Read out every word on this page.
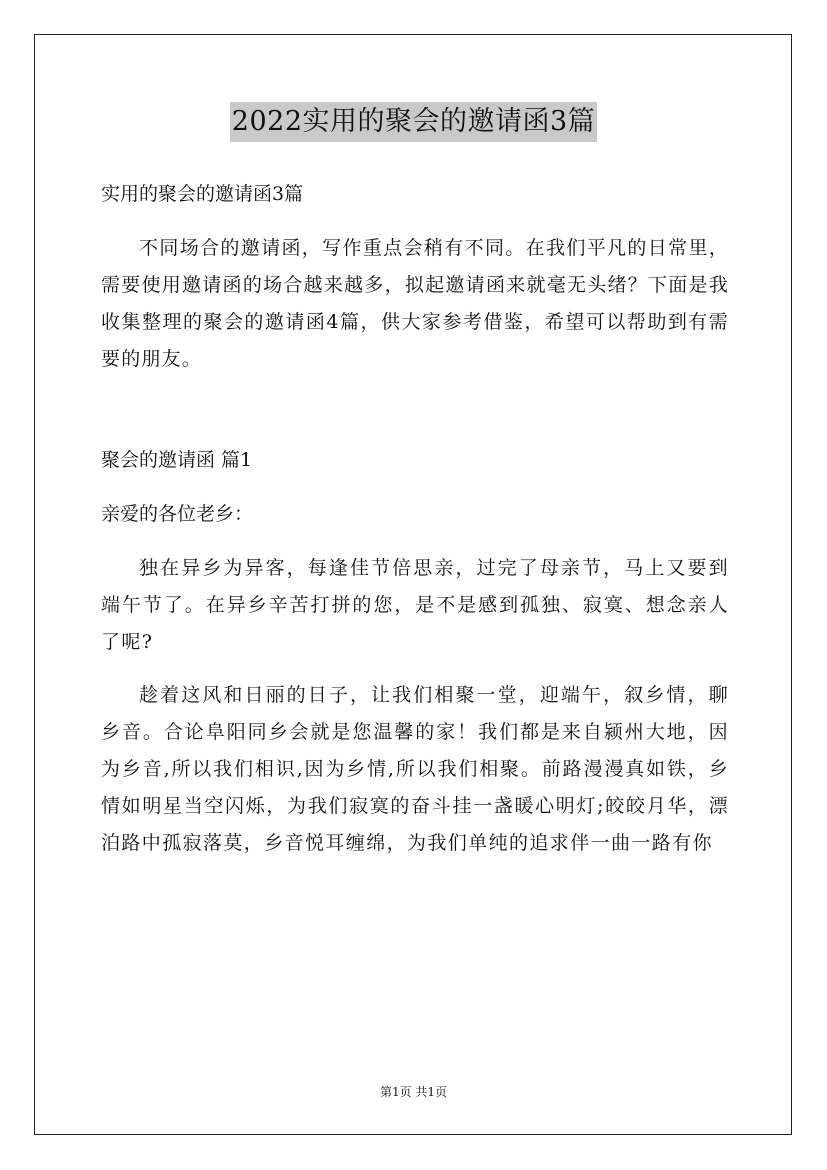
2022实用的聚会的邀请函3篇

实用的聚会的邀请函3篇

不同场合的邀请函，写作重点会稍有不同。在我们平凡的日常里，需要使用邀请函的场合越来越多，拟起邀请函来就毫无头绪？下面是我收集整理的聚会的邀请函4篇，供大家参考借鉴，希望可以帮助到有需要的朋友。

聚会的邀请函 篇1

亲爱的各位老乡：

独在异乡为异客，每逢佳节倍思亲，过完了母亲节，马上又要到端午节了。在异乡辛苦打拼的您，是不是感到孤独、寂寞、想念亲人了呢?

趁着这风和日丽的日子，让我们相聚一堂，迎端午，叙乡情，聊乡音。合论阜阳同乡会就是您温馨的家！我们都是来自颍州大地，因为乡音,所以我们相识,因为乡情,所以我们相聚。前路漫漫真如铁，乡情如明星当空闪烁，为我们寂寞的奋斗挂一盏暖心明灯;皎皎月华，漂泊路中孤寂落莫，乡音悦耳缠绵，为我们单纯的追求伴一曲一路有你

第1页 共1页
